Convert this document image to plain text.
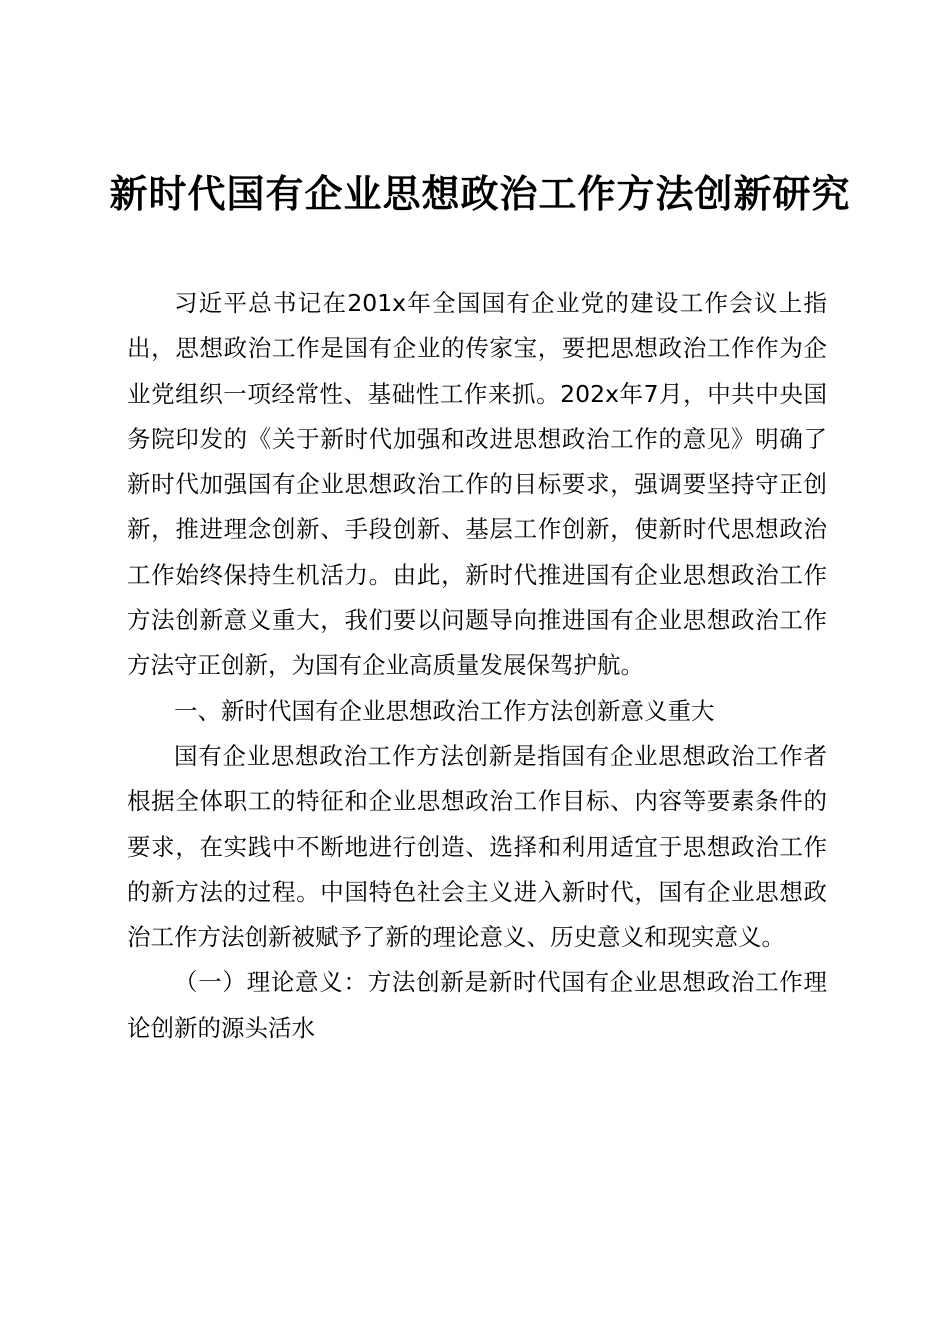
新时代国有企业思想政治工作方法创新研究

习近平总书记在201x年全国国有企业党的建设工作会议上指出，思想政治工作是国有企业的传家宝，要把思想政治工作作为企业党组织一项经常性、基础性工作来抓。202x年7月，中共中央国务院印发的《关于新时代加强和改进思想政治工作的意见》明确了新时代加强国有企业思想政治工作的目标要求，强调要坚持守正创新，推进理念创新、手段创新、基层工作创新，使新时代思想政治工作始终保持生机活力。由此，新时代推进国有企业思想政治工作方法创新意义重大，我们要以问题导向推进国有企业思想政治工作方法守正创新，为国有企业高质量发展保驾护航。

一、新时代国有企业思想政治工作方法创新意义重大

国有企业思想政治工作方法创新是指国有企业思想政治工作者根据全体职工的特征和企业思想政治工作目标、内容等要素条件的要求，在实践中不断地进行创造、选择和利用适宜于思想政治工作的新方法的过程。中国特色社会主义进入新时代，国有企业思想政治工作方法创新被赋予了新的理论意义、历史意义和现实意义。

（一）理论意义：方法创新是新时代国有企业思想政治工作理论创新的源头活水
